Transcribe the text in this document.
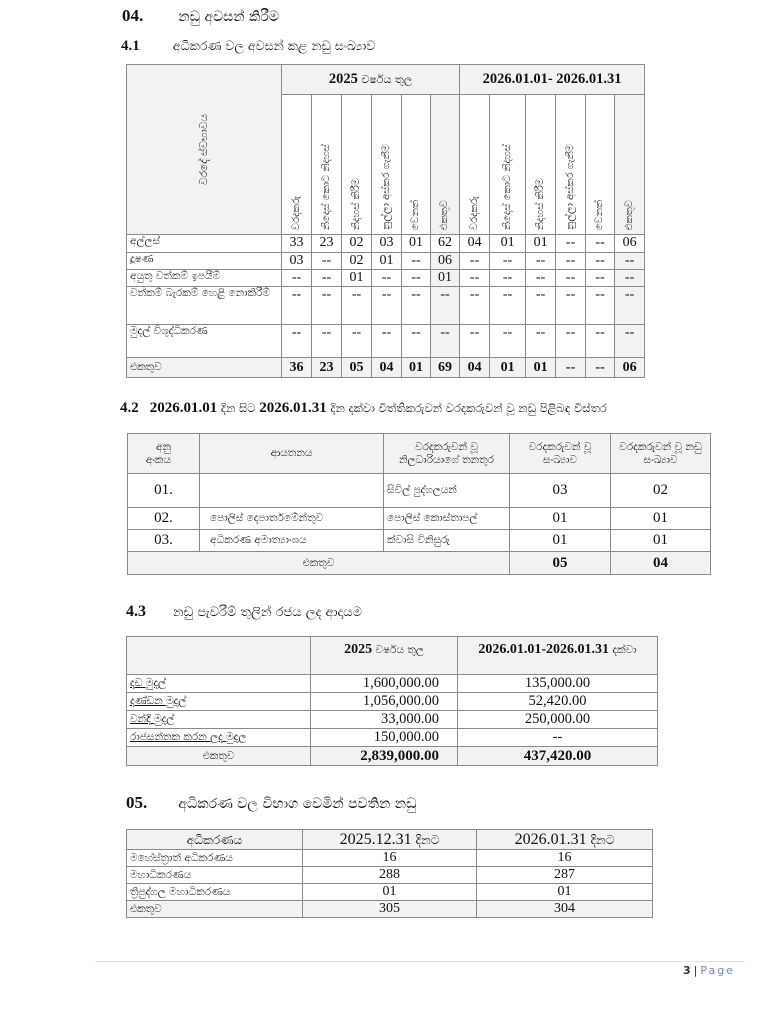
04.	නඩු අවසන් කිරීම
4.1	අධිකරණ වල අවසන් කළ නඩු සංඛ්‍යාව
වරදේ ස්වභාවය	2025 වර්ෂය තුල						2026.01.01- 2026.01.31					

	වරදකරු	නිදොස් කොට නිදහස්	නිදහස් කිරීම	නුල්ලා අස්කර ගැනීම	වෙනත්	එකතුව	වරදකරු	නිදොස් කොට නිදහස්	නිදහස් කිරීම	නුල්ලා අස්කර ගැනීම	වෙනත්	එකතුව

අල්ලස්	33	23	02	03	01	62	04	01	01	--	--	06
දූෂණ	03	--	02	01	--	06	--	--	--	--	--	--
අයුතු වත්කම් ඉපයීම්	--	--	01	--	--	01	--	--	--	--	--	--
වත්කම් බැරකම් හෙළි නොකිරීම්	--	--	--	--	--	--	--	--	--	--	--	--
මුදල් විශුද්ධිකරණ	--	--	--	--	--	--	--	--	--	--	--	--
එකතුව	36	23	05	04	01	69	04	01	01	--	--	06
4.2 2026.01.01 දින සිට 2026.01.31 දින දක්වා විත්තිකරුවන් වරදකරුවන් වූ නඩු පිළිබඳ විස්තර
අනු අංකය	ආයතනය	වරදකරුවන් වූ නිලධාරියාගේ තනතුර	වරදකරුවන් වූ සංඛ්‍යාව	වරදකරුවන් වූ නඩු සංඛ්‍යාව
01.		සිවිල් පුද්ගලයන්	03	02
02.	පොලිස් දෙපාර්තමේන්තුව	පොලිස් කොස්තාපල්	01	01
03.	අධිකරණ අමාත්‍යාංශය	ක්වාසි විනිසුරු	01	01
එකතුව			05	04
4.3 නඩු පැවරීම් තුලින් රජය ලද ආදායම
	2025 වර්ෂය තුල	2026.01.01-2026.01.31 දක්වා
දඩ මුදල්	1,600,000.00	135,000.00
දණ්ඩන මුදල්	1,056,000.00	52,420.00
වන්දි මුදල්	33,000.00	250,000.00
රාජසන්තක කරන ලද මුදල	150,000.00	--
එකතුව	2,839,000.00	437,420.00
05. අධිකරණ වල විභාග වෙමින් පවතින නඩු
අධිකරණය	2025.12.31 දිනට	2026.01.31 දිනට
මහේස්ත්‍රාත් අධිකරණය	16	16
මහාධිකරණය	288	287
ත්‍රිපුද්ගල මහාධිකරණය	01	01
එකතුව	305	304
3 | Page
